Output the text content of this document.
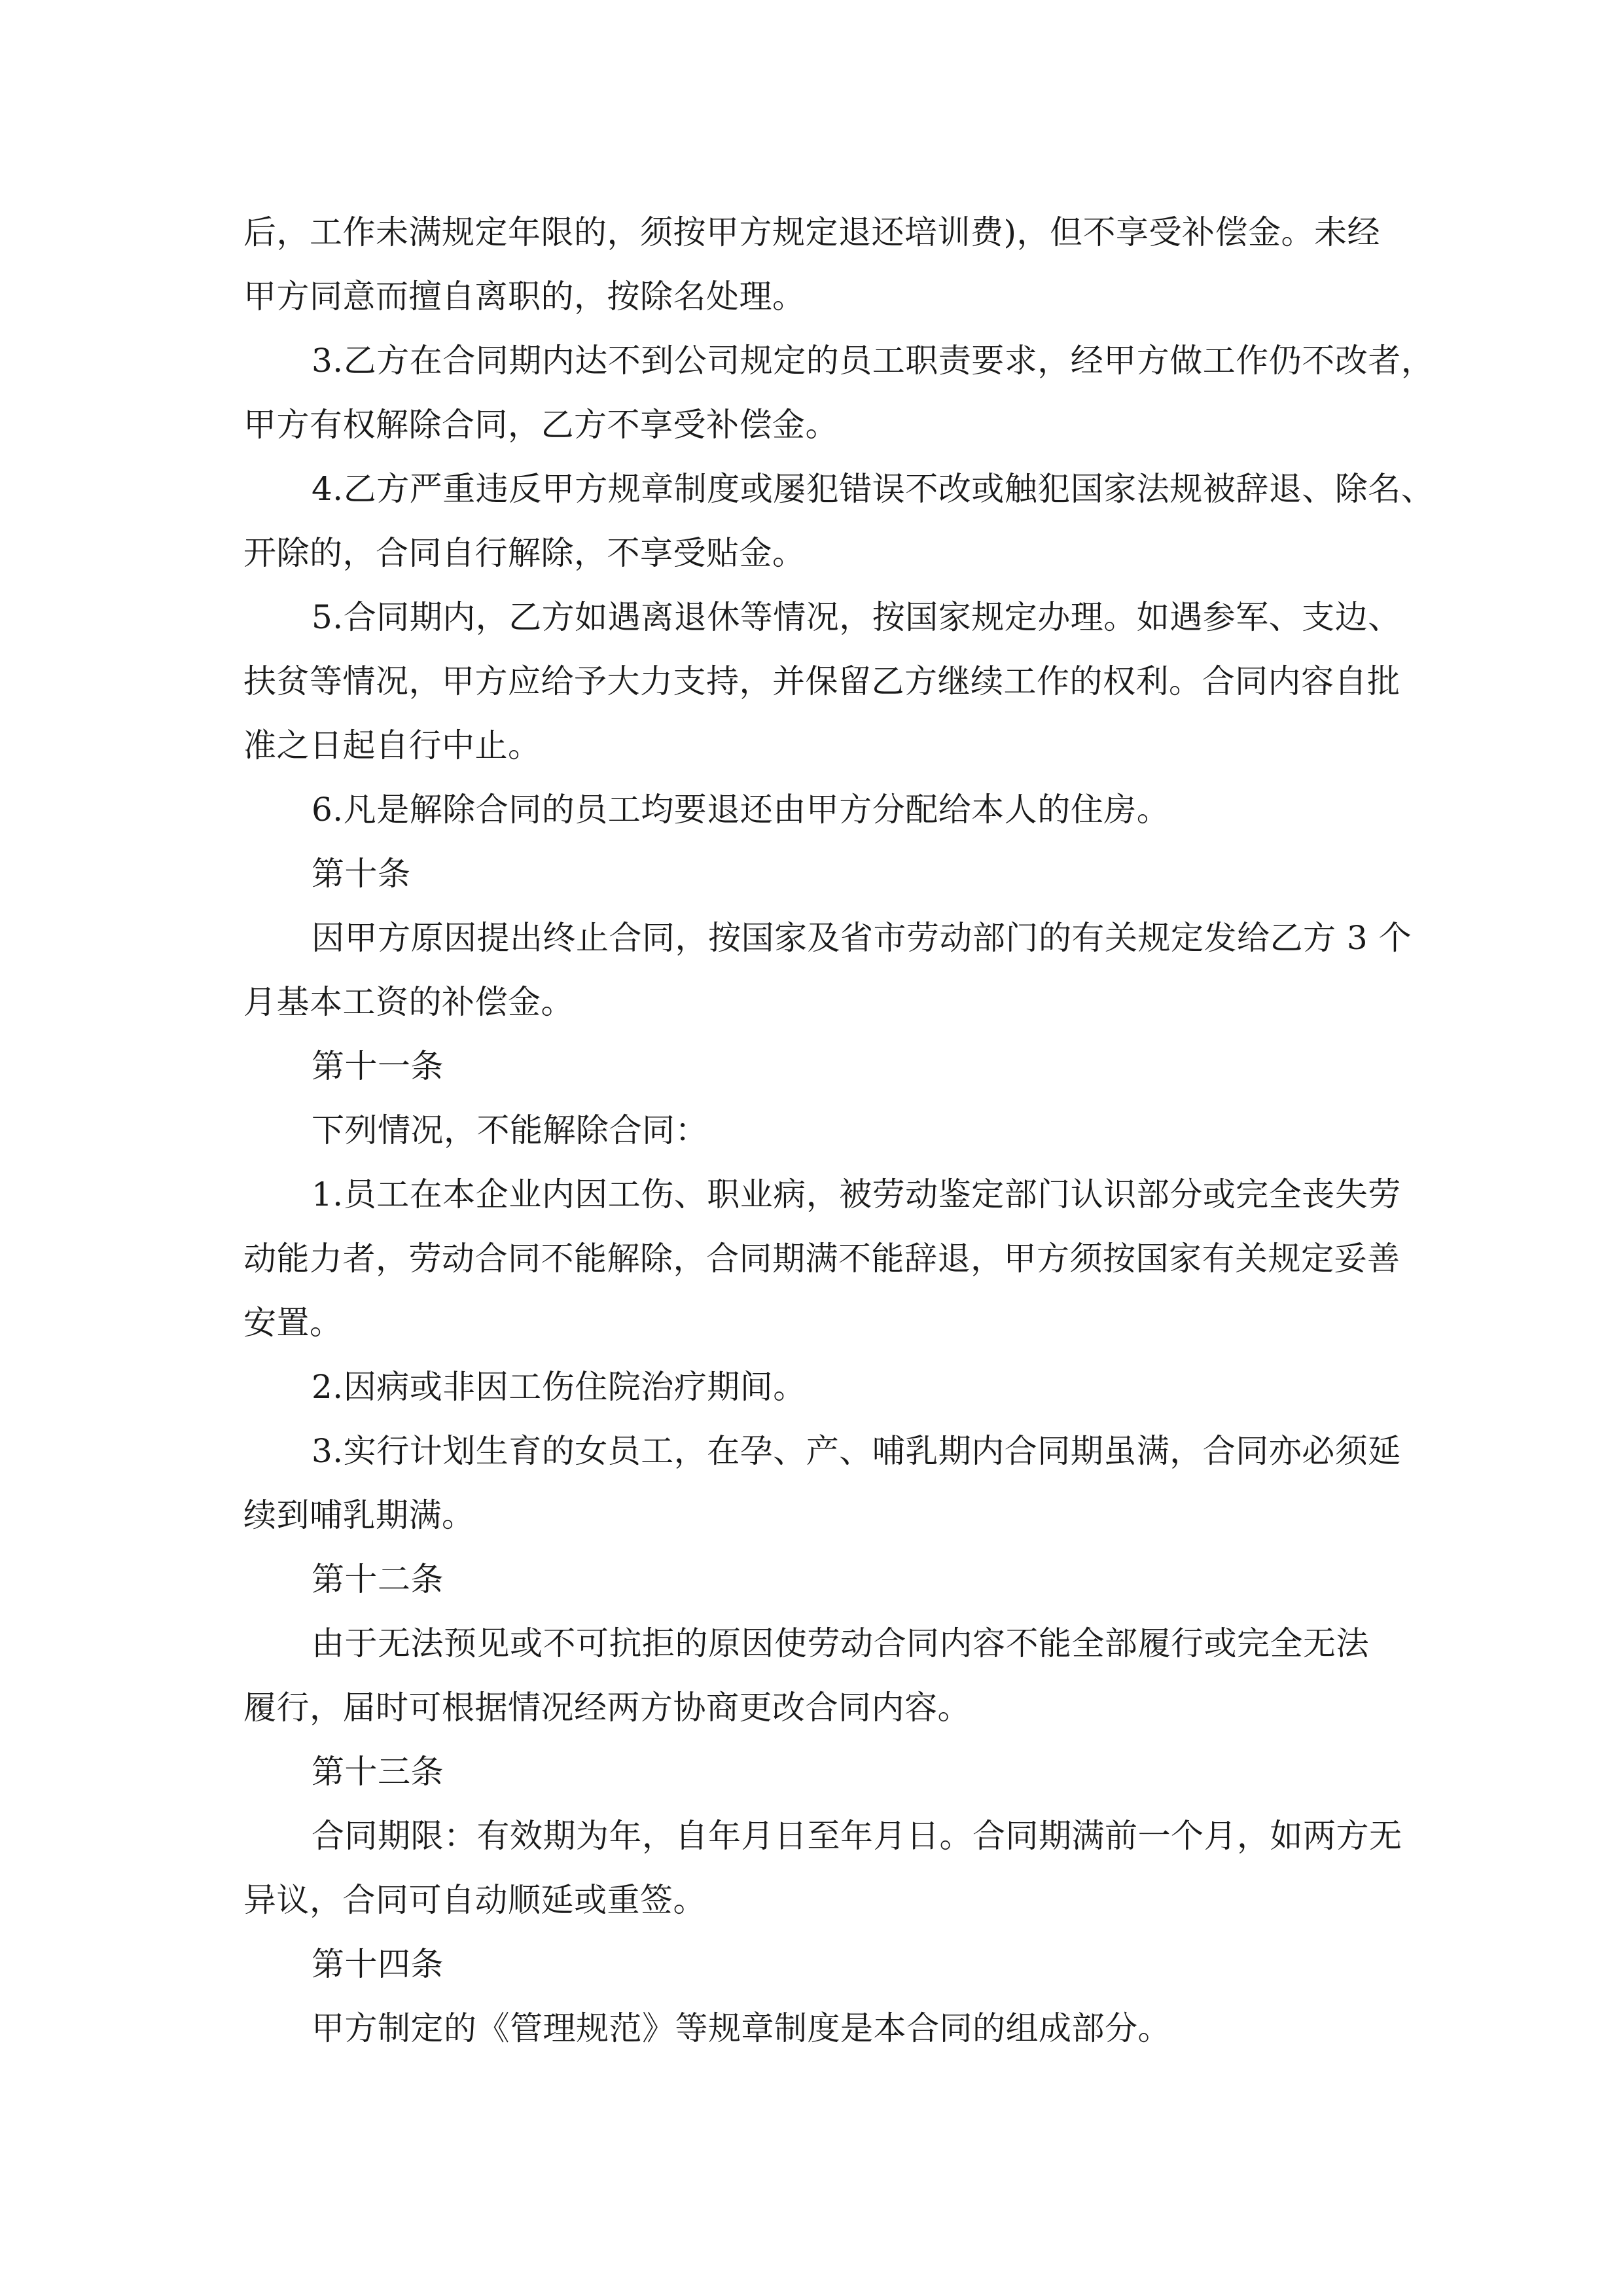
后，工作未满规定年限的，须按甲方规定退还培训费)，但不享受补偿金。未经
甲方同意而擅自离职的，按除名处理。
3.乙方在合同期内达不到公司规定的员工职责要求，经甲方做工作仍不改者，
甲方有权解除合同，乙方不享受补偿金。
4.乙方严重违反甲方规章制度或屡犯错误不改或触犯国家法规被辞退、除名、
开除的，合同自行解除，不享受贴金。
5.合同期内，乙方如遇离退休等情况，按国家规定办理。如遇参军、支边、
扶贫等情况，甲方应给予大力支持，并保留乙方继续工作的权利。合同内容自批
准之日起自行中止。
6.凡是解除合同的员工均要退还由甲方分配给本人的住房。
第十条
因甲方原因提出终止合同，按国家及省市劳动部门的有关规定发给乙方 3 个
月基本工资的补偿金。
第十一条
下列情况，不能解除合同：
1.员工在本企业内因工伤、职业病，被劳动鉴定部门认识部分或完全丧失劳
动能力者，劳动合同不能解除，合同期满不能辞退，甲方须按国家有关规定妥善
安置。
2.因病或非因工伤住院治疗期间。
3.实行计划生育的女员工，在孕、产、哺乳期内合同期虽满，合同亦必须延
续到哺乳期满。
第十二条
由于无法预见或不可抗拒的原因使劳动合同内容不能全部履行或完全无法
履行，届时可根据情况经两方协商更改合同内容。
第十三条
合同期限：有效期为年，自年月日至年月日。合同期满前一个月，如两方无
异议，合同可自动顺延或重签。
第十四条
甲方制定的《管理规范》等规章制度是本合同的组成部分。
